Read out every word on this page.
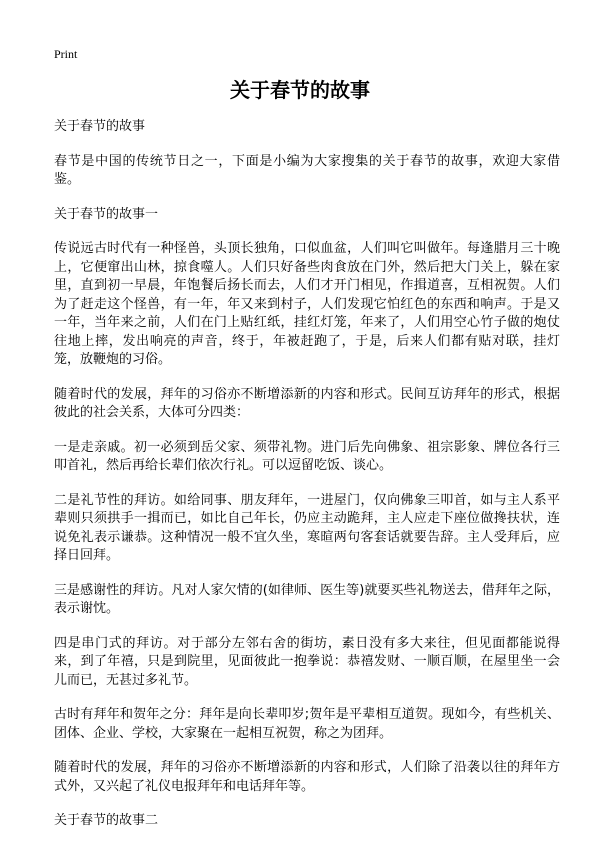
Print
关于春节的故事

关于春节的故事

春节是中国的传统节日之一，下面是小编为大家搜集的关于春节的故事，欢迎大家借鉴。

关于春节的故事一

传说远古时代有一种怪兽，头顶长独角，口似血盆，人们叫它叫做年。每逢腊月三十晚上，它便窜出山林，掠食噬人。人们只好备些肉食放在门外，然后把大门关上，躲在家里，直到初一早晨，年饱餐后扬长而去，人们才开门相见，作揖道喜，互相祝贺。人们为了赶走这个怪兽，有一年，年又来到村子，人们发现它怕红色的东西和响声。于是又一年，当年来之前，人们在门上贴红纸，挂红灯笼，年来了，人们用空心竹子做的炮仗往地上摔，发出响亮的声音，终于，年被赶跑了，于是，后来人们都有贴对联，挂灯笼，放鞭炮的习俗。

随着时代的发展，拜年的习俗亦不断增添新的内容和形式。民间互访拜年的形式，根据彼此的社会关系，大体可分四类：

一是走亲戚。初一必须到岳父家、须带礼物。进门后先向佛象、祖宗影象、牌位各行三叩首礼，然后再给长辈们依次行礼。可以逗留吃饭、谈心。

二是礼节性的拜访。如给同事、朋友拜年，一进屋门，仅向佛象三叩首，如与主人系平辈则只须拱手一揖而已，如比自己年长，仍应主动跪拜，主人应走下座位做搀扶状，连说免礼表示谦恭。这种情况一般不宜久坐，寒暄两句客套话就要告辞。主人受拜后，应择日回拜。

三是感谢性的拜访。凡对人家欠情的(如律师、医生等)就要买些礼物送去，借拜年之际，表示谢忱。

四是串门式的拜访。对于部分左邻右舍的街坊，素日没有多大来往，但见面都能说得来，到了年禧，只是到院里，见面彼此一抱拳说：恭禧发财、一顺百顺，在屋里坐一会儿而已，无甚过多礼节。

古时有拜年和贺年之分：拜年是向长辈叩岁;贺年是平辈相互道贺。现如今，有些机关、团体、企业、学校，大家聚在一起相互祝贺，称之为团拜。

随着时代的发展，拜年的习俗亦不断增添新的内容和形式，人们除了沿袭以往的拜年方式外，又兴起了礼仪电报拜年和电话拜年等。

关于春节的故事二
